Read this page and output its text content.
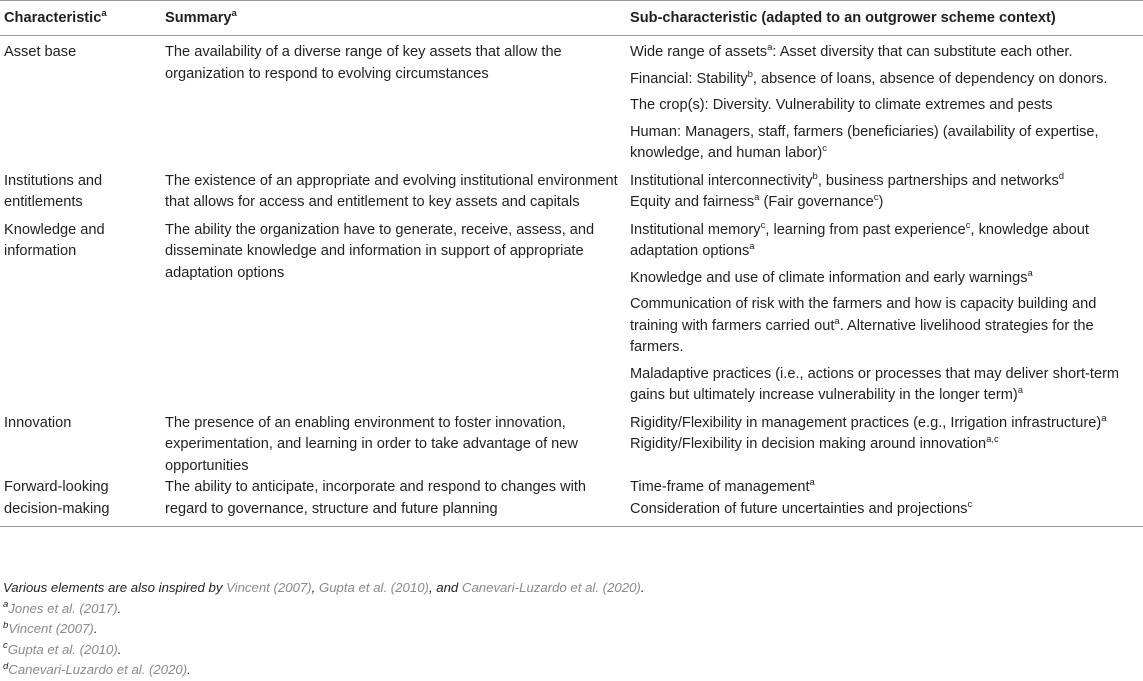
Characteristic$^a$	Summary$^a$	Sub-characteristic (adapted to an outgrower scheme context)
Asset base	The availability of a diverse range of key assets that allow the organization to respond to evolving circumstances	Wide range of assets$^a$: Asset diversity that can substitute each other.
Financial: Stability$^b$, absence of loans, absence of dependency on donors.
The crop(s): Diversity. Vulnerability to climate extremes and pests
Human: Managers, staff, farmers (beneficiaries) (availability of expertise, knowledge, and human labor)$^c$

Institutions and entitlements	The existence of an appropriate and evolving institutional environment that allows for access and entitlement to key assets and capitals	Institutional interconnectivity$^b$, business partnerships and networks$^d$
Equity and fairness$^a$ (Fair governance$^c$)

Knowledge and information	The ability the organization have to generate, receive, assess, and disseminate knowledge and information in support of appropriate adaptation options	Institutional memory$^c$, learning from past experience$^c$, knowledge about adaptation options$^a$
Knowledge and use of climate information and early warnings$^a$
Communication of risk with the farmers and how is capacity building and training with farmers carried out$^a$. Alternative livelihood strategies for the farmers.
Maladaptive practices (i.e., actions or processes that may deliver short-term gains but ultimately increase vulnerability in the longer term)$^a$

Innovation	The presence of an enabling environment to foster innovation, experimentation, and learning in order to take advantage of new opportunities	Rigidity/Flexibility in management practices (e.g., Irrigation infrastructure)$^a$
Rigidity/Flexibility in decision making around innovation$^{a,c}$

Forward-looking decision-making	The ability to anticipate, incorporate and respond to changes with regard to governance, structure and future planning	Time-frame of management$^a$
Consideration of future uncertainties and projections$^c$
Various elements are also inspired by Vincent (2007), Gupta et al. (2010), and Canevari-Luzardo et al. (2020).
$^a$Jones et al. (2017).
$^b$Vincent (2007).
$^c$Gupta et al. (2010).
$^d$Canevari-Luzardo et al. (2020).
